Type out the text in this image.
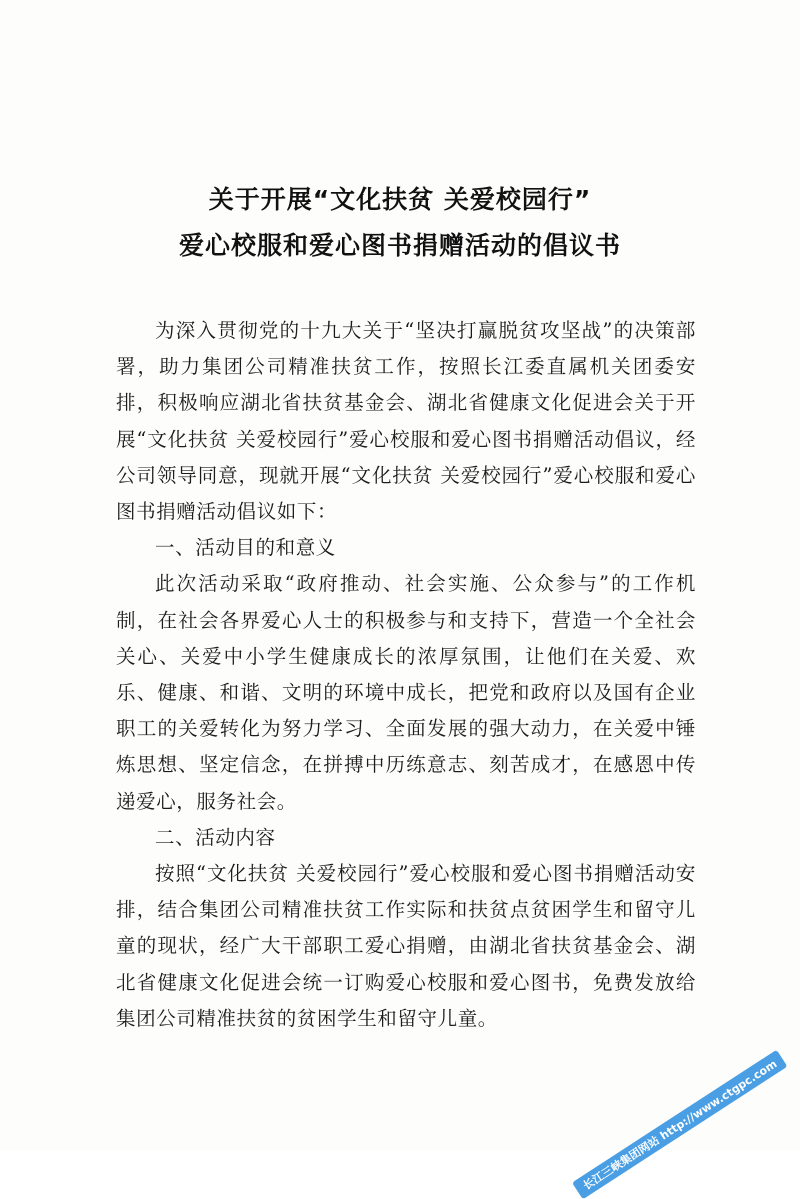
关于开展“文化扶贫 关爱校园行”
爱心校服和爱心图书捐赠活动的倡议书

为深入贯彻党的十九大关于“坚决打赢脱贫攻坚战”的决策部署，助力集团公司精准扶贫工作，按照长江委直属机关团委安排，积极响应湖北省扶贫基金会、湖北省健康文化促进会关于开展“文化扶贫 关爱校园行”爱心校服和爱心图书捐赠活动倡议，经公司领导同意，现就开展“文化扶贫 关爱校园行”爱心校服和爱心图书捐赠活动倡议如下：

一、活动目的和意义

此次活动采取“政府推动、社会实施、公众参与”的工作机制，在社会各界爱心人士的积极参与和支持下，营造一个全社会关心、关爱中小学生健康成长的浓厚氛围，让他们在关爱、欢乐、健康、和谐、文明的环境中成长，把党和政府以及国有企业职工的关爱转化为努力学习、全面发展的强大动力，在关爱中锤炼思想、坚定信念，在拼搏中历练意志、刻苦成才，在感恩中传递爱心，服务社会。

二、活动内容

按照“文化扶贫 关爱校园行”爱心校服和爱心图书捐赠活动安排，结合集团公司精准扶贫工作实际和扶贫点贫困学生和留守儿童的现状，经广大干部职工爱心捐赠，由湖北省扶贫基金会、湖北省健康文化促进会统一订购爱心校服和爱心图书，免费发放给集团公司精准扶贫的贫困学生和留守儿童。

长江三峡集团网站 http://www.ctgpc.com
